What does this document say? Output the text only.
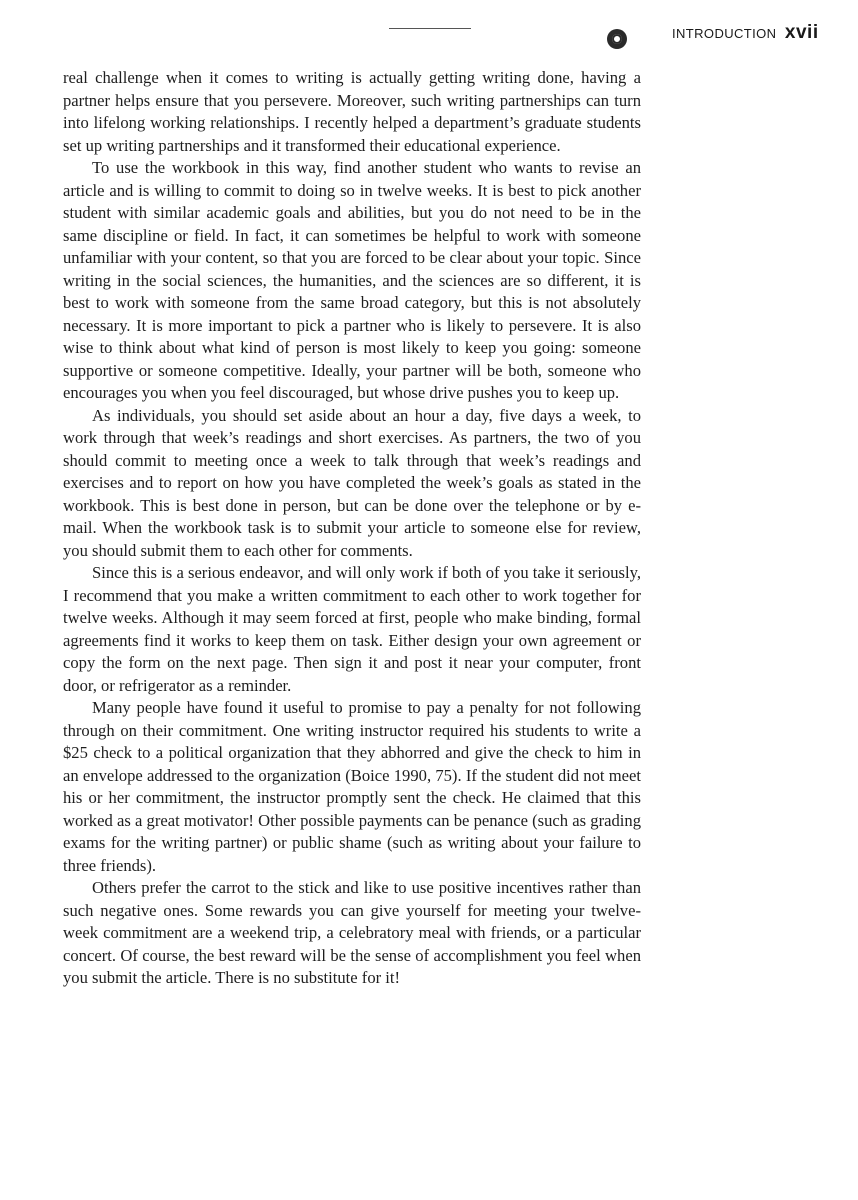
INTRODUCTION xvii

real challenge when it comes to writing is actually getting writing done, having a partner helps ensure that you persevere. Moreover, such writing partnerships can turn into lifelong working relationships. I recently helped a department’s graduate students set up writing partnerships and it transformed their educational experience.

To use the workbook in this way, find another student who wants to revise an article and is willing to commit to doing so in twelve weeks. It is best to pick another student with similar academic goals and abilities, but you do not need to be in the same discipline or field. In fact, it can sometimes be helpful to work with someone unfamiliar with your content, so that you are forced to be clear about your topic. Since writing in the social sciences, the humanities, and the sciences are so different, it is best to work with someone from the same broad category, but this is not absolutely necessary. It is more important to pick a partner who is likely to persevere. It is also wise to think about what kind of person is most likely to keep you going: someone supportive or someone competitive. Ideally, your partner will be both, someone who encourages you when you feel discouraged, but whose drive pushes you to keep up.

As individuals, you should set aside about an hour a day, five days a week, to work through that week’s readings and short exercises. As partners, the two of you should commit to meeting once a week to talk through that week’s readings and exercises and to report on how you have completed the week’s goals as stated in the workbook. This is best done in person, but can be done over the telephone or by e-mail. When the workbook task is to submit your article to someone else for review, you should submit them to each other for comments.

Since this is a serious endeavor, and will only work if both of you take it seriously, I recommend that you make a written commitment to each other to work together for twelve weeks. Although it may seem forced at first, people who make binding, formal agreements find it works to keep them on task. Either design your own agreement or copy the form on the next page. Then sign it and post it near your computer, front door, or refrigerator as a reminder.

Many people have found it useful to promise to pay a penalty for not following through on their commitment. One writing instructor required his students to write a $25 check to a political organization that they abhorred and give the check to him in an envelope addressed to the organization (Boice 1990, 75). If the student did not meet his or her commitment, the instructor promptly sent the check. He claimed that this worked as a great motivator! Other possible payments can be penance (such as grading exams for the writing partner) or public shame (such as writing about your failure to three friends).

Others prefer the carrot to the stick and like to use positive incentives rather than such negative ones. Some rewards you can give yourself for meeting your twelve-week commitment are a weekend trip, a celebratory meal with friends, or a particular concert. Of course, the best reward will be the sense of accomplishment you feel when you submit the article. There is no substitute for it!
